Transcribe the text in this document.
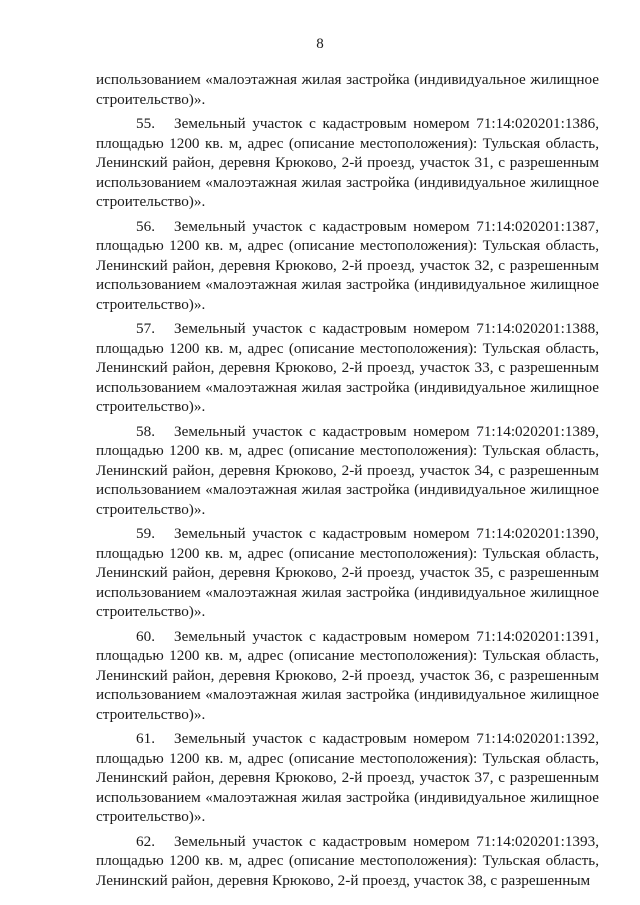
8

использованием «малоэтажная жилая застройка (индивидуальное жилищное строительство)».

55. Земельный участок с кадастровым номером 71:14:020201:1386, площадью 1200 кв. м, адрес (описание местоположения): Тульская область, Ленинский район, деревня Крюково, 2-й проезд, участок 31, с разрешенным использованием «малоэтажная жилая застройка (индивидуальное жилищное строительство)».

56. Земельный участок с кадастровым номером 71:14:020201:1387, площадью 1200 кв. м, адрес (описание местоположения): Тульская область, Ленинский район, деревня Крюково, 2-й проезд, участок 32, с разрешенным использованием «малоэтажная жилая застройка (индивидуальное жилищное строительство)».

57. Земельный участок с кадастровым номером 71:14:020201:1388, площадью 1200 кв. м, адрес (описание местоположения): Тульская область, Ленинский район, деревня Крюково, 2-й проезд, участок 33, с разрешенным использованием «малоэтажная жилая застройка (индивидуальное жилищное строительство)».

58. Земельный участок с кадастровым номером 71:14:020201:1389, площадью 1200 кв. м, адрес (описание местоположения): Тульская область, Ленинский район, деревня Крюково, 2-й проезд, участок 34, с разрешенным использованием «малоэтажная жилая застройка (индивидуальное жилищное строительство)».

59. Земельный участок с кадастровым номером 71:14:020201:1390, площадью 1200 кв. м, адрес (описание местоположения): Тульская область, Ленинский район, деревня Крюково, 2-й проезд, участок 35, с разрешенным использованием «малоэтажная жилая застройка (индивидуальное жилищное строительство)».

60. Земельный участок с кадастровым номером 71:14:020201:1391, площадью 1200 кв. м, адрес (описание местоположения): Тульская область, Ленинский район, деревня Крюково, 2-й проезд, участок 36, с разрешенным использованием «малоэтажная жилая застройка (индивидуальное жилищное строительство)».

61. Земельный участок с кадастровым номером 71:14:020201:1392, площадью 1200 кв. м, адрес (описание местоположения): Тульская область, Ленинский район, деревня Крюково, 2-й проезд, участок 37, с разрешенным использованием «малоэтажная жилая застройка (индивидуальное жилищное строительство)».

62. Земельный участок с кадастровым номером 71:14:020201:1393, площадью 1200 кв. м, адрес (описание местоположения): Тульская область, Ленинский район, деревня Крюково, 2-й проезд, участок 38, с разрешенным
